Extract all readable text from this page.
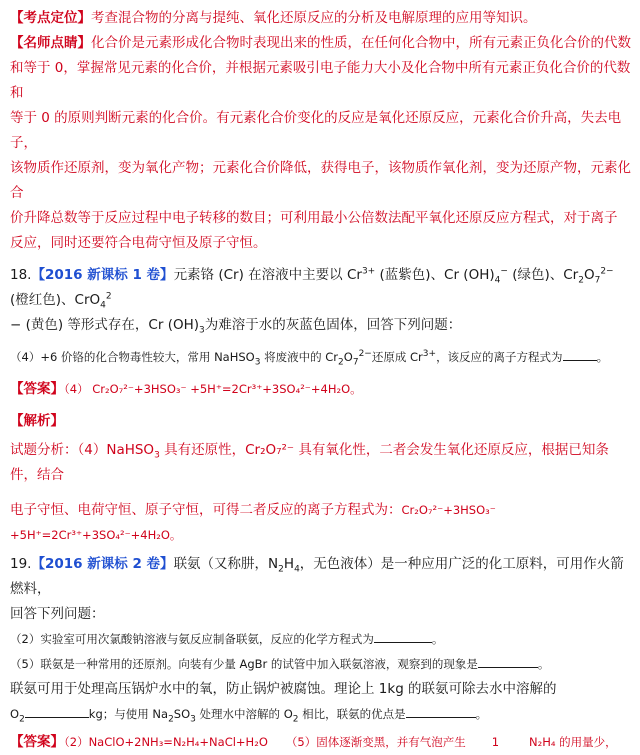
【考点定位】考查混合物的分离与提纯、氧化还原反应的分析及电解原理的应用等知识。

【名师点睛】化合价是元素形成化合物时表现出来的性质，在任何化合物中，所有元素正负化合价的代数

和等于 0，掌握常见元素的化合价，并根据元素吸引电子能力大小及化合物中所有元素正负化合价的代数和

等于 0 的原则判断元素的化合价。有元素化合价变化的反应是氧化还原反应，元素化合价升高，失去电子，

该物质作还原剂，变为氧化产物；元素化合价降低，获得电子，该物质作氧化剂，变为还原产物，元素化合

价升降总数等于反应过程中电子转移的数目；可利用最小公倍数法配平氧化还原反应方程式，对于离子

反应，同时还要符合电荷守恒及原子守恒。

18.【2016 新课标 1 卷】元素铬 (Cr) 在溶液中主要以 $Cr^{3+}$ (蓝紫色)、Cr $(OH)_4^-$ (绿色)、$Cr_2O_7^{2-}$ (橙红色)、CrO$_4^2$

− (黄色) 等形式存在，Cr $(OH)_3$为难溶于水的灰蓝色固体，回答下列问题：

（4）+6 价铬的化合物毒性较大，常用 NaHSO$_3$ 将废液中的 $Cr_2O_7^{2-}$还原成 $Cr^{3+}$，该反应的离子方程式为	。

【答案】（4） Cr₂O₇²⁻+3HSO₃⁻ +5H⁺=2Cr³⁺+3SO₄²⁻+4H₂O。

【解析】

试题分析：（4）NaHSO$_3$ 具有还原性，Cr₂O₇²⁻ 具有氧化性，二者会发生氧化还原反应，根据已知条件，结合

电子守恒、电荷守恒、原子守恒，可得二者反应的离子方程式为：Cr₂O₇²⁻+3HSO₃⁻ +5H⁺=2Cr³⁺+3SO₄²⁻+4H₂O。

19.【2016 新课标 2 卷】联氨（又称肼，$N_2H_4$，无色液体）是一种应用广泛的化工原料，可用作火箭燃料，

回答下列问题：

（2）实验室可用次氯酸钠溶液与氨反应制备联氨，反应的化学方程式为	。

（5）联氨是一种常用的还原剂。向装有少量 AgBr 的试管中加入联氨溶液，观察到的现象是	。

联氨可用于处理高压锅炉水中的氧，防止锅炉被腐蚀。理论上 1kg 的联氨可除去水中溶解的

$O_2$	kg；与使用 $Na_2SO_3$ 处理水中溶解的 $O_2$ 相比，联氨的优点是	。

【答案】（2）NaClO+2NH₃=N₂H₄+NaCl+H₂O （5）固体逐渐变黑，并有气泡产生 1	N₂H₄ 的用量少，
